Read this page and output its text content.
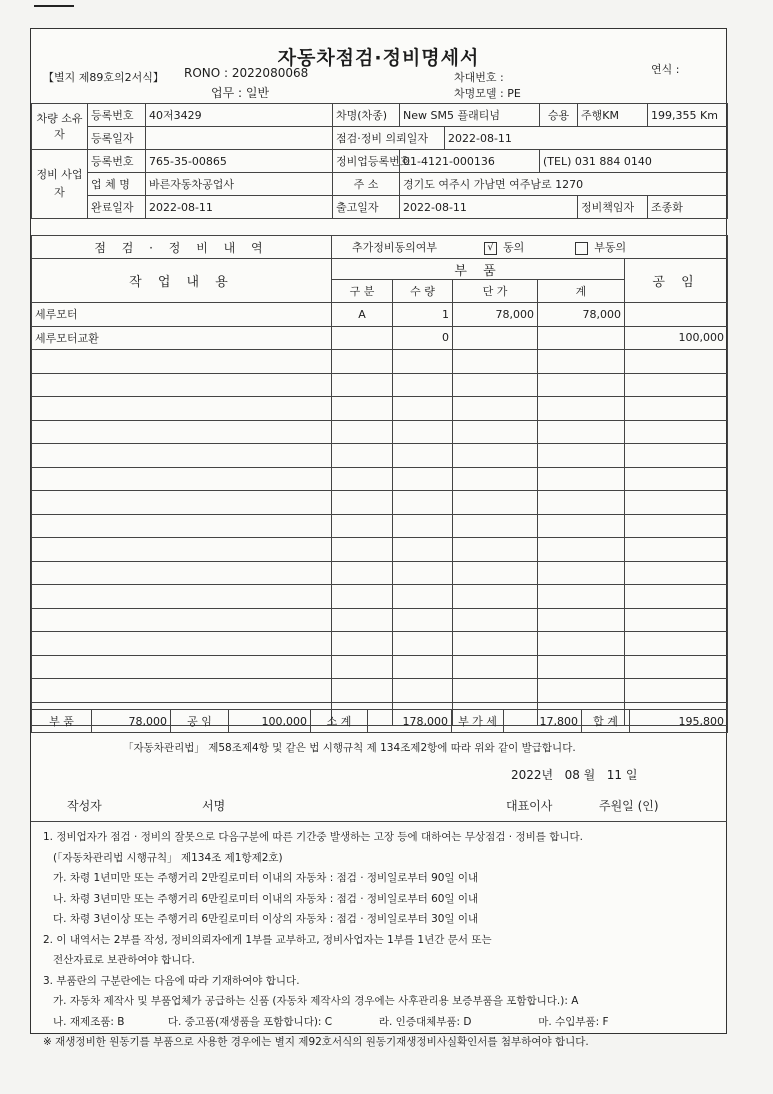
자동차점검·정비명세서
【별지 제89호의2서식】 RONO : 2022080068
업무 : 일반
차대번호 :
차명모델 : PE
연식 :
차량 소유자	등록번호	40저3429	차명(차종)	New SM5 플래티넘		승용	주행KM	199,355 Km
	등록일자		점검·정비 의뢰일자		2022-08-11			
정비 사업자	등록번호	765-35-00865	정비업등록번호	01-4121-000136		(TEL) 031 884 0140		
	업 체 명	바른자동차공업사	주 소	경기도 여주시 가남면 여주남로 1270				
	완료일자	2022-08-11	출고일자	2022-08-11			정비책임자	조종화
점 검 · 정 비 내 역	추가정비동의여부 √ 동의 부동의				
작 업 내 용	부 품				공 임
	구 분	수 량	단 가	계	
세루모터	A	1	78,000	78,000	
세루모터교환		0			100,000

부 품	78,000	공 임	100,000	소 계	178,000	부 가 세	17,800	합 계	195,800
「자동차관리법」 제58조제4항 및 같은 법 시행규칙 제 134조제2항에 따라 위와 같이 발급합니다.
2022년 08 월 11 일
작성자	서명	대표이사	주원일 (인)
1. 정비업자가 점검 · 정비의 잘못으로 다음구분에 따른 기간중 발생하는 고장 등에 대하여는 무상점검 · 정비를 합니다.
(「자동차관리법 시행규칙」 제134조 제1항제2호)
가. 차령 1년미만 또는 주행거리 2만킬로미터 이내의 자동차 : 점검 · 정비일로부터 90일 이내
나. 차령 3년미만 또는 주행거리 6만킬로미터 이내의 자동차 : 점검 · 정비일로부터 60일 이내
다. 차령 3년이상 또는 주행거리 6만킬로미터 이상의 자동차 : 점검 · 정비일로부터 30일 이내
2. 이 내역서는 2부를 작성, 정비의뢰자에게 1부를 교부하고, 정비사업자는 1부를 1년간 문서 또는
전산자료로 보관하여야 합니다.
3. 부품란의 구분란에는 다음에 따라 기재하여야 합니다.
가. 자동차 제작사 및 부품업체가 공급하는 신품 (자동차 제작사의 경우에는 사후관리용 보증부품을 포함합니다.): A
나. 재제조품: B             다. 중고품(재생품을 포함합니다): C              라. 인증대체부품: D                    마. 수입부품: F
※ 재생정비한 원동기를 부품으로 사용한 경우에는 별지 제92호서식의 원동기재생정비사실확인서를 첨부하여야 합니다.
